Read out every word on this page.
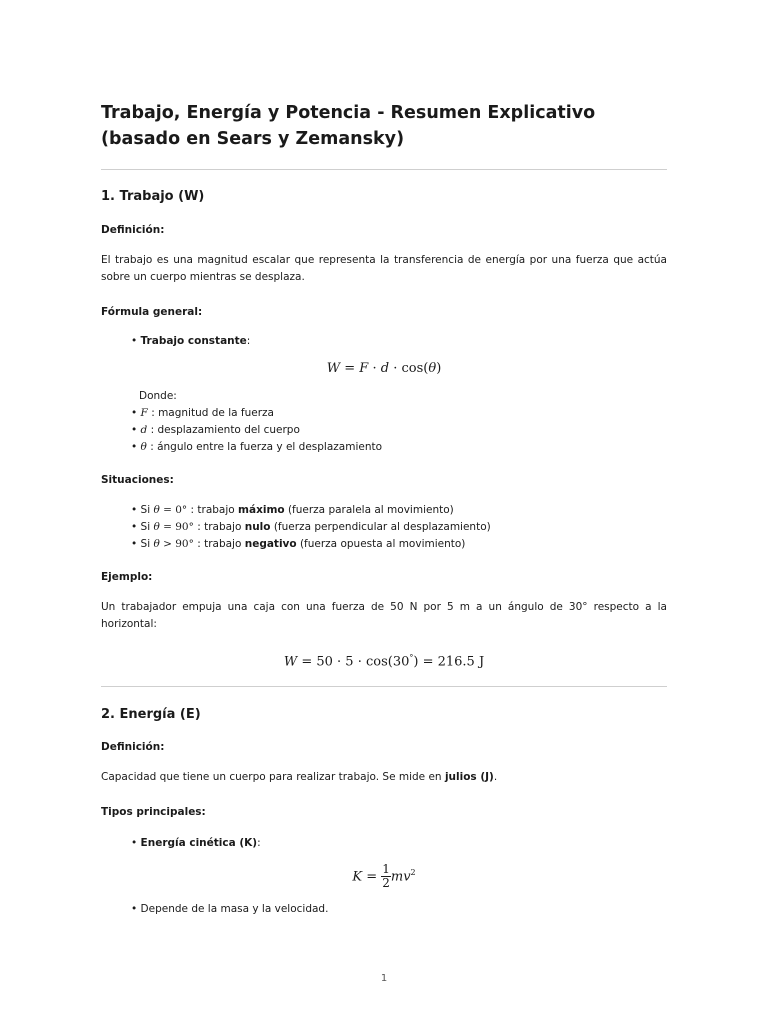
Trabajo, Energía y Potencia - Resumen Explicativo (basado en Sears y Zemansky)
1. Trabajo (W)
Definición:

El trabajo es una magnitud escalar que representa la transferencia de energía por una fuerza que actúa sobre un cuerpo mientras se desplaza.

Fórmula general:
• Trabajo constante:
W = F · d · cos(θ)
Donde:
• F : magnitud de la fuerza
• d : desplazamiento del cuerpo
• θ : ángulo entre la fuerza y el desplazamiento
Situaciones:
• Si θ = 0° : trabajo máximo (fuerza paralela al movimiento)
• Si θ = 90° : trabajo nulo (fuerza perpendicular al desplazamiento)
• Si θ > 90° : trabajo negativo (fuerza opuesta al movimiento)
Ejemplo:

Un trabajador empuja una caja con una fuerza de 50 N por 5 m a un ángulo de 30° respecto a la horizontal:

W = 50 · 5 · cos(30°) = 216.5 J
2. Energía (E)
Definición:

Capacidad que tiene un cuerpo para realizar trabajo. Se mide en julios (J).

Tipos principales:
• Energía cinética (K):
$K = \frac{1}{2} mv^2$
• Depende de la masa y la velocidad.
1
